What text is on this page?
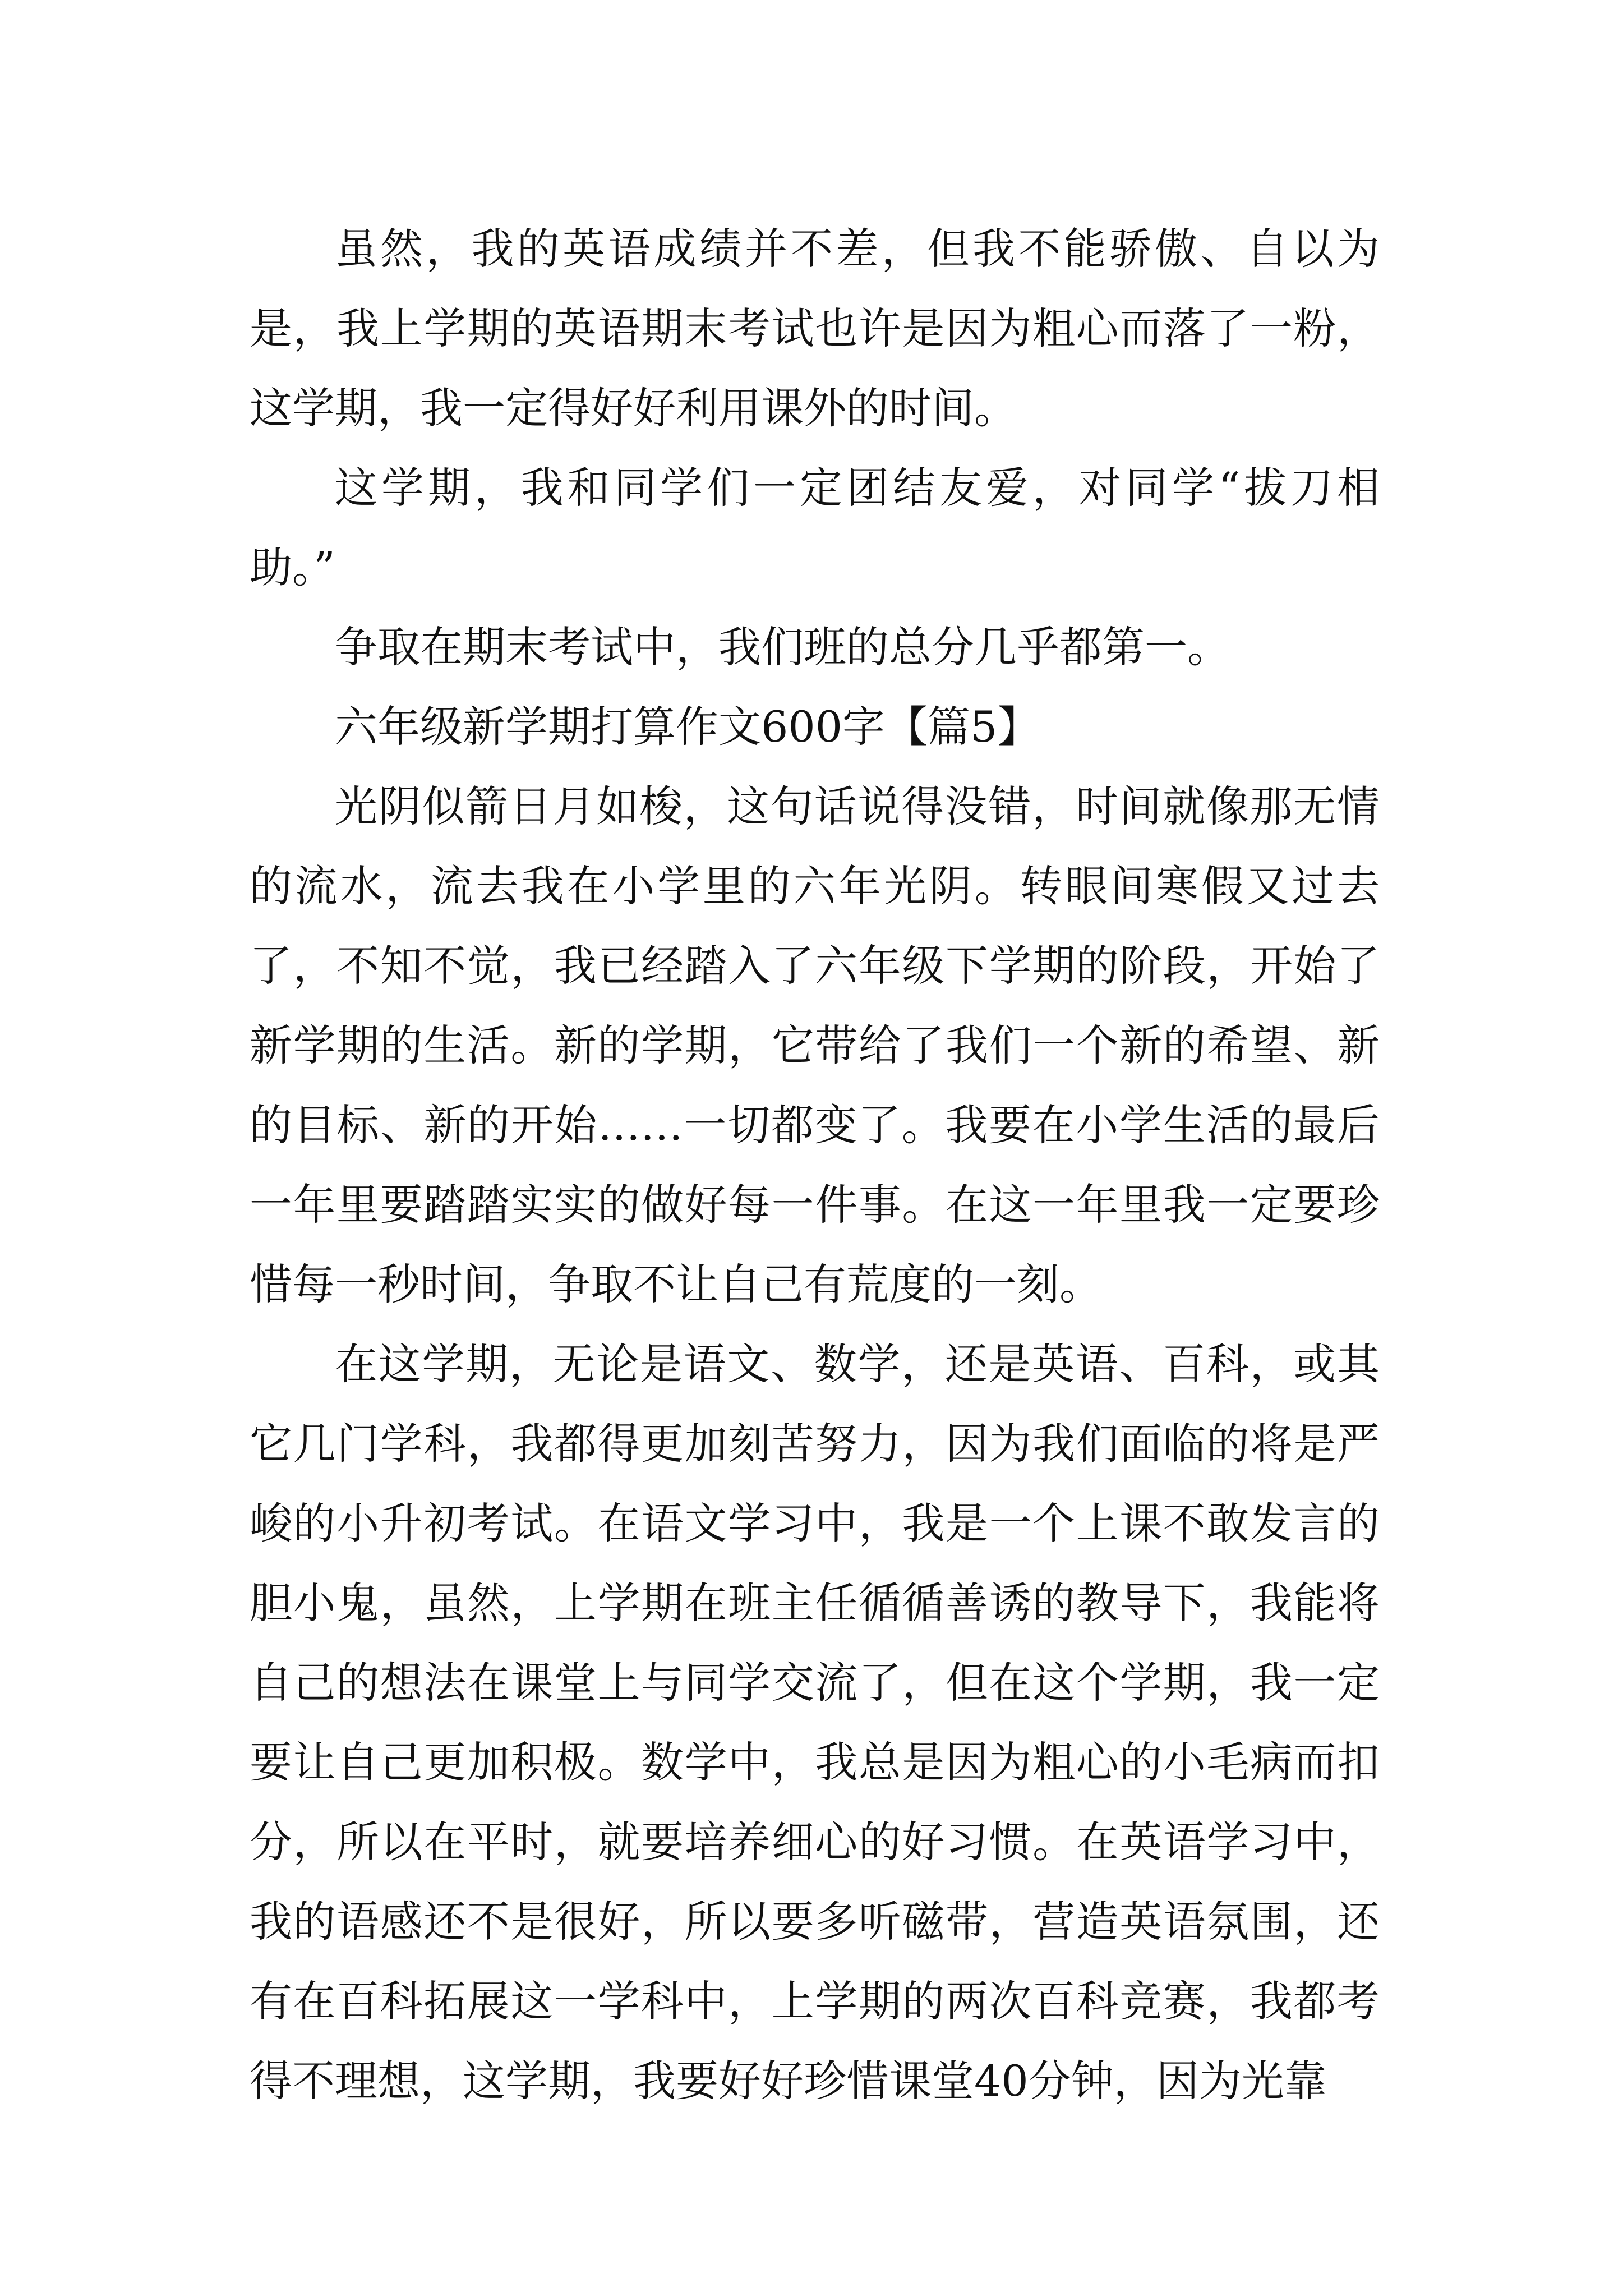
虽然，我的英语成绩并不差，但我不能骄傲、自以为是，我上学期的英语期末考试也许是因为粗心而落了一粉，这学期，我一定得好好利用课外的时间。

这学期，我和同学们一定团结友爱，对同学“拔刀相助。”

争取在期末考试中，我们班的总分几乎都第一。

六年级新学期打算作文600字【篇5】

光阴似箭日月如梭，这句话说得没错，时间就像那无情的流水，流去我在小学里的六年光阴。转眼间寒假又过去了，不知不觉，我已经踏入了六年级下学期的阶段，开始了新学期的生活。新的学期，它带给了我们一个新的希望、新的目标、新的开始……一切都变了。我要在小学生活的最后一年里要踏踏实实的做好每一件事。在这一年里我一定要珍惜每一秒时间，争取不让自己有荒度的一刻。

在这学期，无论是语文、数学，还是英语、百科，或其它几门学科，我都得更加刻苦努力，因为我们面临的将是严峻的小升初考试。在语文学习中，我是一个上课不敢发言的胆小鬼，虽然，上学期在班主任循循善诱的教导下，我能将自己的想法在课堂上与同学交流了，但在这个学期，我一定要让自己更加积极。数学中，我总是因为粗心的小毛病而扣分，所以在平时，就要培养细心的好习惯。在英语学习中，我的语感还不是很好，所以要多听磁带，营造英语氛围，还有在百科拓展这一学科中，上学期的两次百科竞赛，我都考得不理想，这学期，我要好好珍惜课堂40分钟，因为光靠
